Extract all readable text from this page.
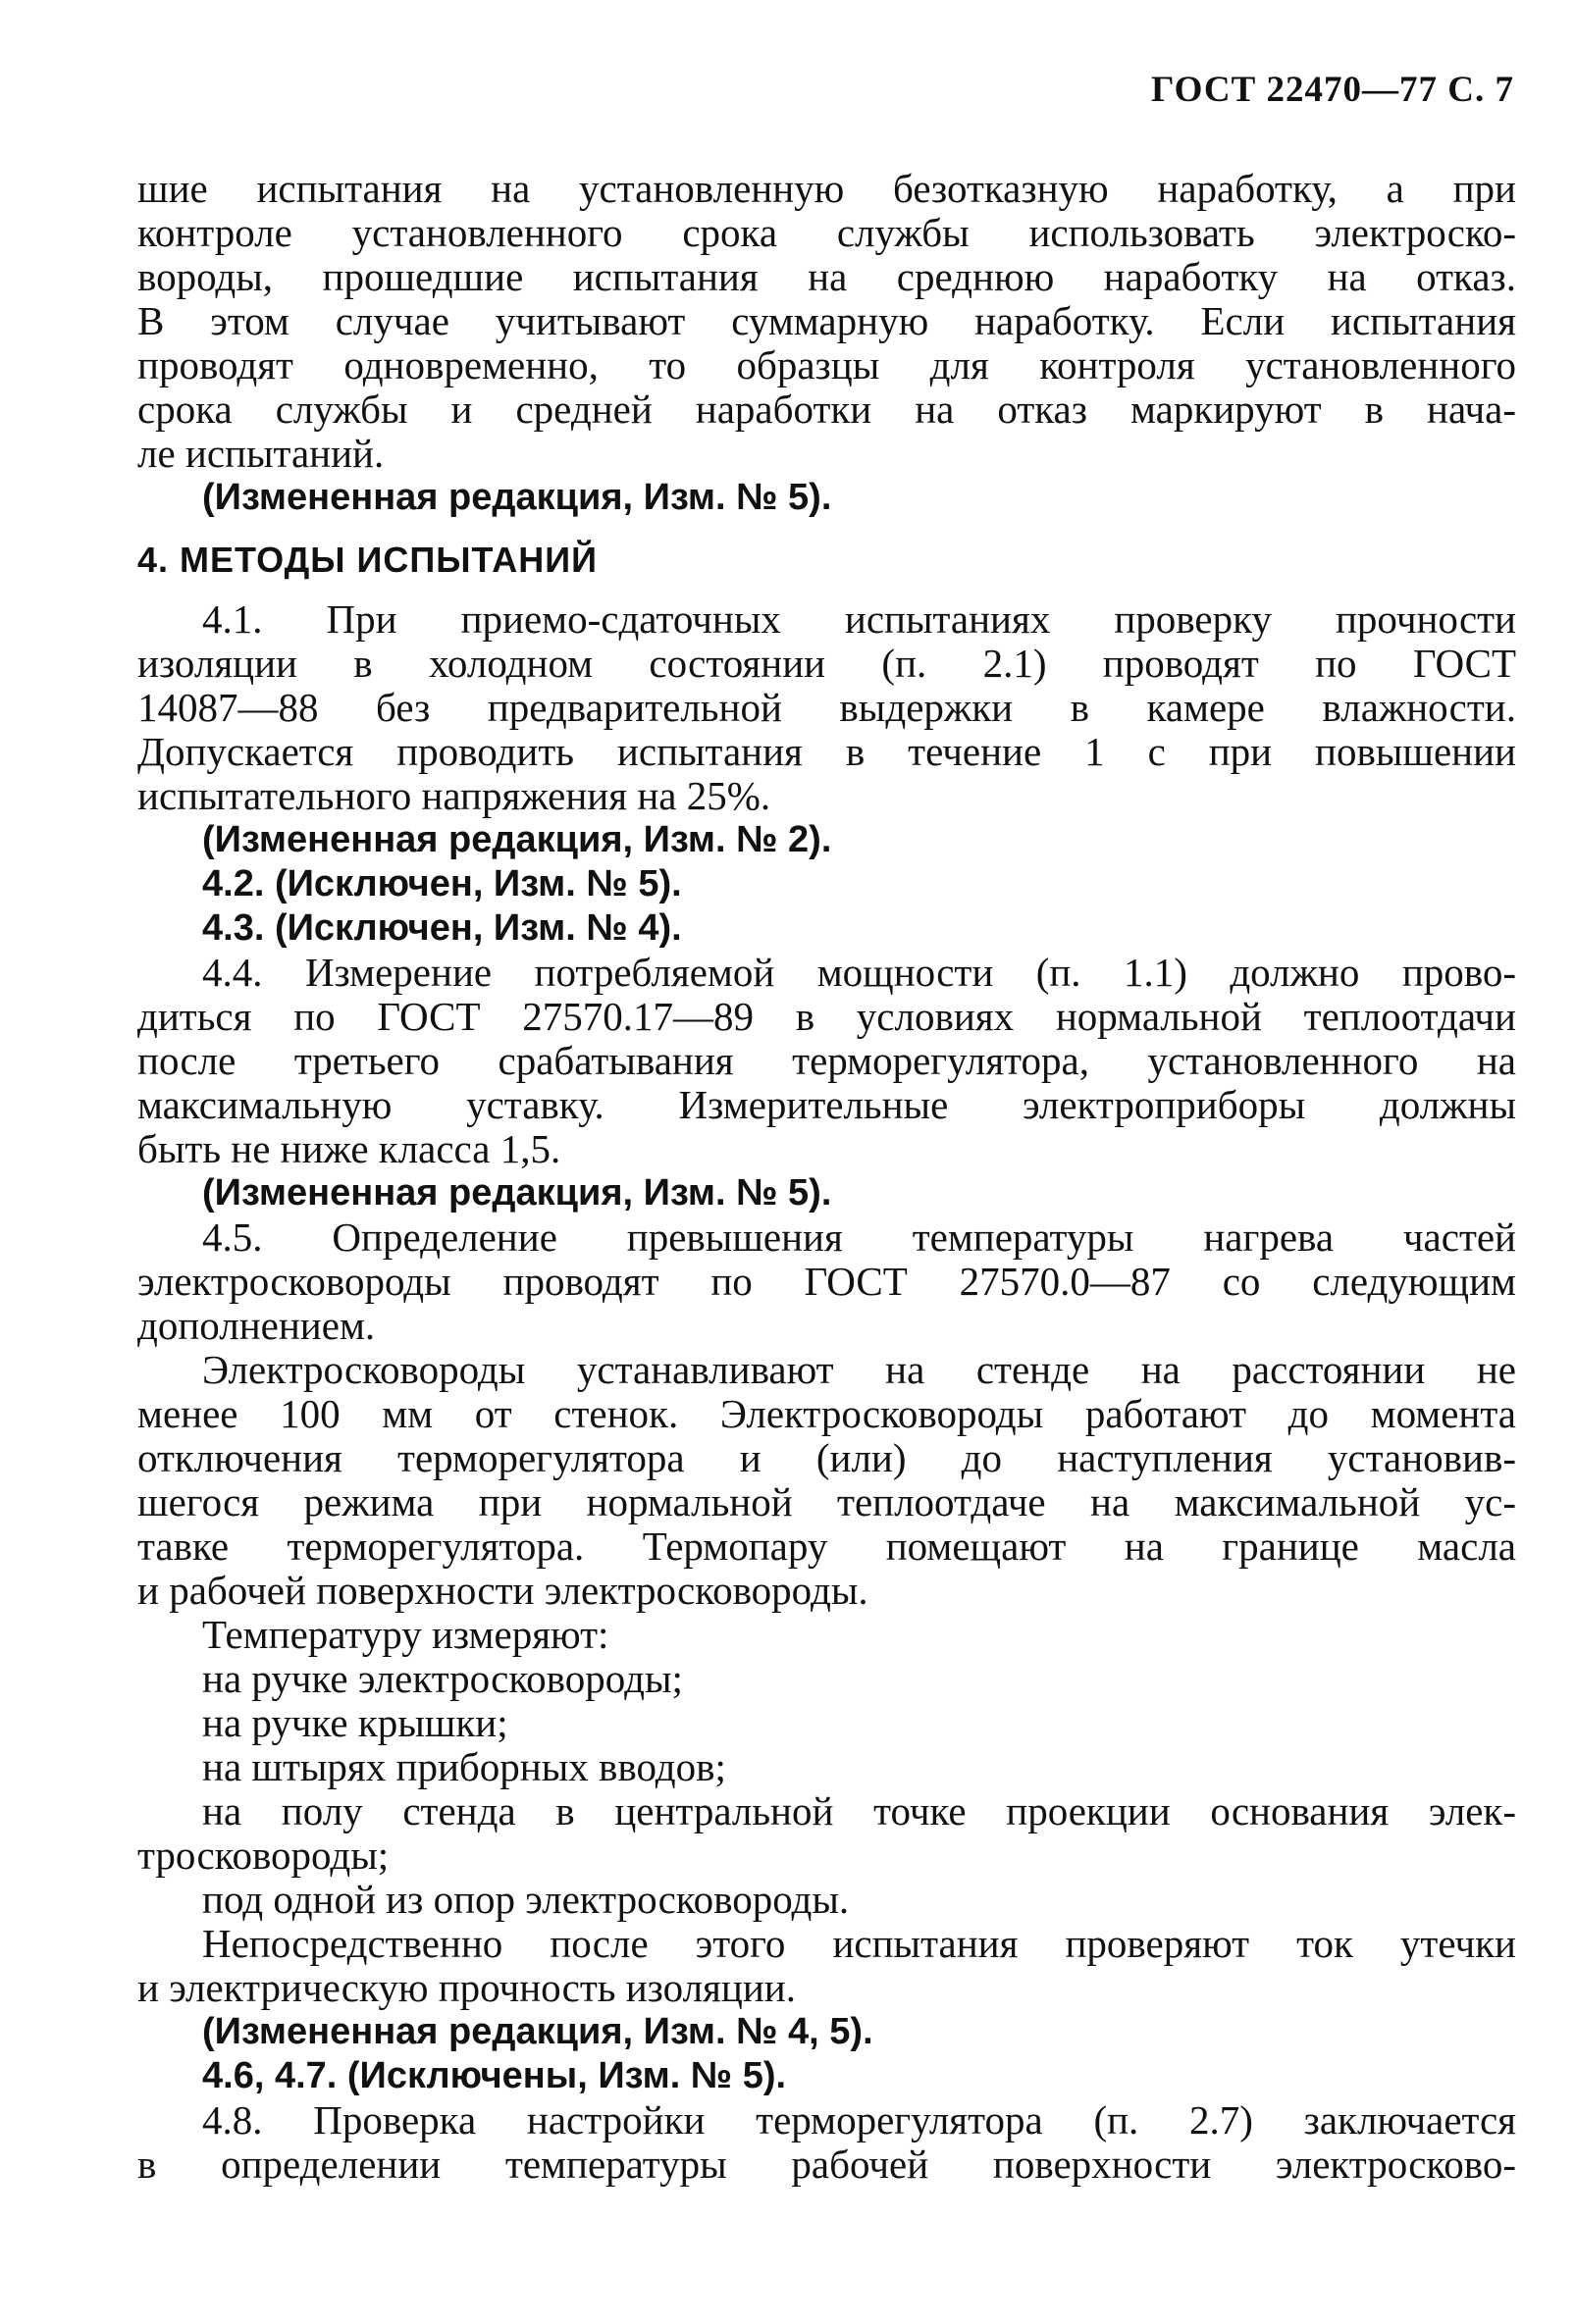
ГОСТ 22470—77 С. 7

шие испытания на установленную безотказную наработку, а при
контроле установленного срока службы использовать электроско-
вороды, прошедшие испытания на среднюю наработку на отказ.
В этом случае учитывают суммарную наработку. Если испытания
проводят одновременно, то образцы для контроля установленного
срока службы и средней наработки на отказ маркируют в нача-
ле испытаний.

(Измененная редакция, Изм. № 5).

4. МЕТОДЫ ИСПЫТАНИЙ

4.1. При приемо-сдаточных испытаниях проверку прочности
изоляции в холодном состоянии (п. 2.1) проводят по ГОСТ
14087—88 без предварительной выдержки в камере влажности.
Допускается проводить испытания в течение 1 с при повышении
испытательного напряжения на 25%.

(Измененная редакция, Изм. № 2).

4.2. (Исключен, Изм. № 5).

4.3. (Исключен, Изм. № 4).

4.4. Измерение потребляемой мощности (п. 1.1) должно прово-
диться по ГОСТ 27570.17—89 в условиях нормальной теплоотдачи
после третьего срабатывания терморегулятора, установленного на
максимальную уставку. Измерительные электроприборы должны
быть не ниже класса 1,5.

(Измененная редакция, Изм. № 5).

4.5. Определение превышения температуры нагрева частей
электросковороды проводят по ГОСТ 27570.0—87 со следующим
дополнением.

Электросковороды устанавливают на стенде на расстоянии не
менее 100 мм от стенок. Электросковороды работают до момента
отключения терморегулятора и (или) до наступления установив-
шегося режима при нормальной теплоотдаче на максимальной ус-
тавке терморегулятора. Термопару помещают на границе масла
и рабочей поверхности электросковороды.

Температуру измеряют:
на ручке электросковороды;
на ручке крышки;
на штырях приборных вводов;
на полу стенда в центральной точке проекции основания элек-
тросковороды;
под одной из опор электросковороды.

Непосредственно после этого испытания проверяют ток утечки
и электрическую прочность изоляции.

(Измененная редакция, Изм. № 4, 5).

4.6, 4.7. (Исключены, Изм. № 5).

4.8. Проверка настройки терморегулятора (п. 2.7) заключается
в определении температуры рабочей поверхности электросково-
